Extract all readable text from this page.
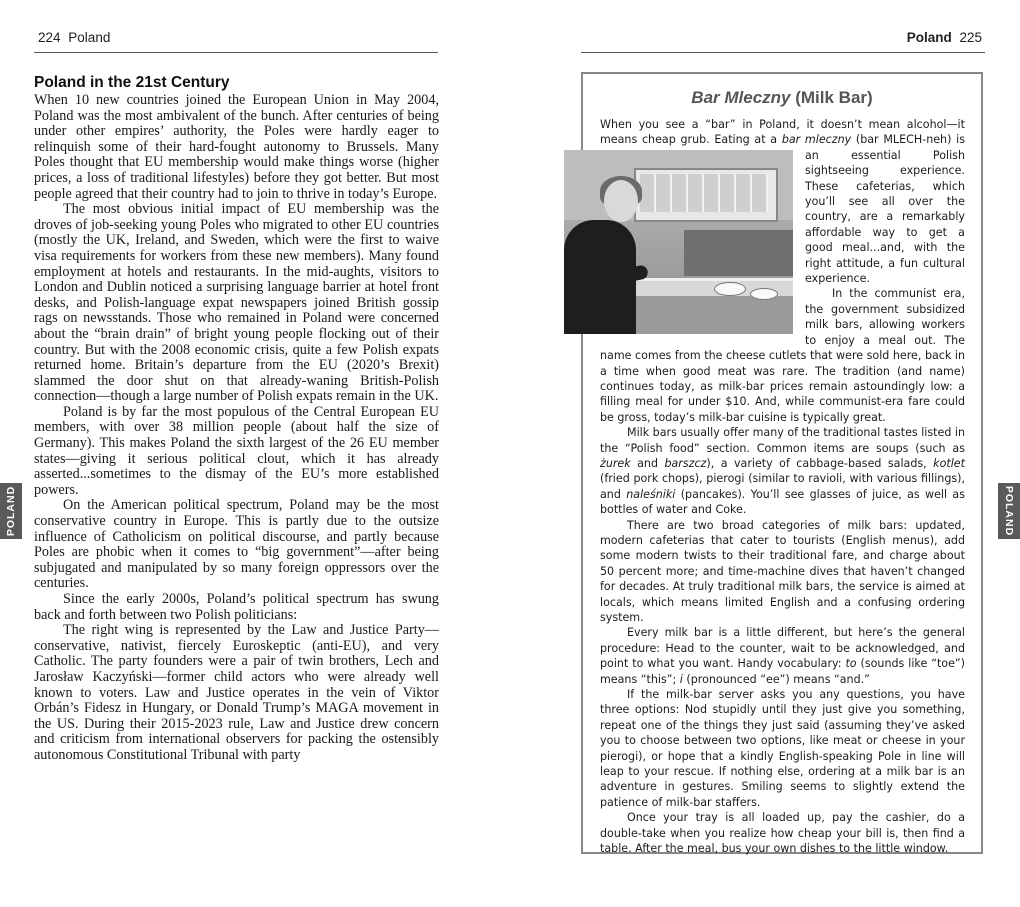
224 Poland	Poland 225
POLAND	POLAND
Poland in the 21st Century

When 10 new countries joined the European Union in May 2004, Poland was the most ambivalent of the bunch. After centuries of being under other empires’ authority, the Poles were hardly eager to relinquish some of their hard-fought autonomy to Brussels. Many Poles thought that EU membership would make things worse (higher prices, a loss of traditional lifestyles) before they got better. But most people agreed that their country had to join to thrive in today’s Europe.

The most obvious initial impact of EU membership was the droves of job-seeking young Poles who migrated to other EU countries (mostly the UK, Ireland, and Sweden, which were the first to waive visa requirements for workers from these new members). Many found employment at hotels and restaurants. In the mid-aughts, visitors to London and Dublin noticed a surprising language barrier at hotel front desks, and Polish-language expat newspapers joined British gossip rags on newsstands. Those who remained in Poland were concerned about the “brain drain” of bright young people flocking out of their country. But with the 2008 economic crisis, quite a few Polish expats returned home. Britain’s departure from the EU (2020’s Brexit) slammed the door shut on that already-waning British-Polish connection—though a large number of Polish expats remain in the UK.

Poland is by far the most populous of the Central European EU members, with over 38 million people (about half the size of Germany). This makes Poland the sixth largest of the 26 EU member states—giving it serious political clout, which it has already asserted...sometimes to the dismay of the EU’s more established powers.

On the American political spectrum, Poland may be the most conservative country in Europe. This is partly due to the outsize influence of Catholicism on political discourse, and partly because Poles are phobic when it comes to “big government”—after being subjugated and manipulated by so many foreign oppressors over the centuries.

Since the early 2000s, Poland’s political spectrum has swung back and forth between two Polish politicians:

The right wing is represented by the Law and Justice Party—conservative, nativist, fiercely Euroskeptic (anti-EU), and very Catholic. The party founders were a pair of twin brothers, Lech and Jarosław Kaczyński—former child actors who were already well known to voters. Law and Justice operates in the vein of Viktor Orbán’s Fidesz in Hungary, or Donald Trump’s MAGA movement in the US. During their 2015-2023 rule, Law and Justice drew concern and criticism from international observers for packing the ostensibly autonomous Constitutional Tribunal with party

Bar Mleczny (Milk Bar)

When you see a “bar” in Poland, it doesn’t mean alcohol—it means cheap grub. Eating at a bar mleczny
(bar MLECH-neh) is an essential Polish sightseeing experience. These cafeterias, which you’ll see all over the country, are a remarkably affordable way to get a good meal...and, with the right attitude, a fun cultural experience.

In the communist era, the government subsidized milk bars, allowing workers to enjoy a meal out. The name comes from the cheese cutlets that were sold here, back in a time when good meat was rare. The tradition (and name) continues today, as milk-bar prices remain astoundingly low: a filling meal for under $10. And, while communist-era fare could be gross, today’s milk-bar cuisine is typically great.

Milk bars usually offer many of the traditional tastes listed in the “Polish food” section. Common items are soups (such as żurek and barszcz), a variety of cabbage-based salads, kotlet (fried pork chops), pierogi (similar to ravioli, with various fillings), and naleśniki (pancakes). You’ll see glasses of juice, as well as bottles of water and Coke.

There are two broad categories of milk bars: updated, modern cafeterias that cater to tourists (English menus), add some modern twists to their traditional fare, and charge about 50 percent more; and time-machine dives that haven’t changed for decades. At truly traditional milk bars, the service is aimed at locals, which means limited English and a confusing ordering system.

Every milk bar is a little different, but here’s the general procedure: Head to the counter, wait to be acknowledged, and point to what you want. Handy vocabulary: to (sounds like “toe”) means “this”; i (pronounced “ee”) means “and.”

If the milk-bar server asks you any questions, you have three options: Nod stupidly until they just give you something, repeat one of the things they just said (assuming they’ve asked you to choose between two options, like meat or cheese in your pierogi), or hope that a kindly English-speaking Pole in line will leap to your rescue. If nothing else, ordering at a milk bar is an adventure in gestures. Smiling seems to slightly extend the patience of milk-bar staffers.

Once your tray is all loaded up, pay the cashier, do a double-take when you realize how cheap your bill is, then find a table. After the meal, bus your own dishes to the little window.
